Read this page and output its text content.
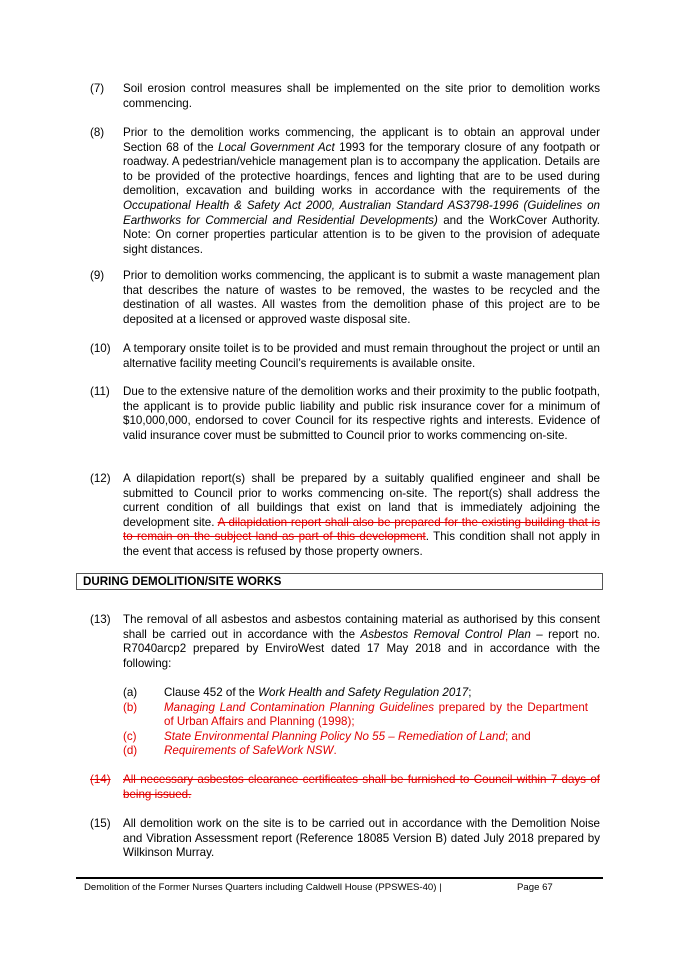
(7) Soil erosion control measures shall be implemented on the site prior to demolition works commencing.
(8) Prior to the demolition works commencing, the applicant is to obtain an approval under Section 68 of the Local Government Act 1993 for the temporary closure of any footpath or roadway. A pedestrian/vehicle management plan is to accompany the application. Details are to be provided of the protective hoardings, fences and lighting that are to be used during demolition, excavation and building works in accordance with the requirements of the Occupational Health & Safety Act 2000, Australian Standard AS3798-1996 (Guidelines on Earthworks for Commercial and Residential Developments) and the WorkCover Authority. Note: On corner properties particular attention is to be given to the provision of adequate sight distances.
(9) Prior to demolition works commencing, the applicant is to submit a waste management plan that describes the nature of wastes to be removed, the wastes to be recycled and the destination of all wastes. All wastes from the demolition phase of this project are to be deposited at a licensed or approved waste disposal site.
(10) A temporary onsite toilet is to be provided and must remain throughout the project or until an alternative facility meeting Council’s requirements is available onsite.
(11) Due to the extensive nature of the demolition works and their proximity to the public footpath, the applicant is to provide public liability and public risk insurance cover for a minimum of $10,000,000, endorsed to cover Council for its respective rights and interests. Evidence of valid insurance cover must be submitted to Council prior to works commencing on-site.
(12) A dilapidation report(s) shall be prepared by a suitably qualified engineer and shall be submitted to Council prior to works commencing on-site. The report(s) shall address the current condition of all buildings that exist on land that is immediately adjoining the development site. A dilapidation report shall also be prepared for the existing building that is to remain on the subject land as part of this development. This condition shall not apply in the event that access is refused by those property owners.
DURING DEMOLITION/SITE WORKS
(13) The removal of all asbestos and asbestos containing material as authorised by this consent shall be carried out in accordance with the Asbestos Removal Control Plan – report no. R7040arcp2 prepared by EnviroWest dated 17 May 2018 and in accordance with the following:
(a) Clause 452 of the Work Health and Safety Regulation 2017;
(b) Managing Land Contamination Planning Guidelines prepared by the Department of Urban Affairs and Planning (1998);
(c) State Environmental Planning Policy No 55 – Remediation of Land; and
(d) Requirements of SafeWork NSW.
(14) All necessary asbestos clearance certificates shall be furnished to Council within 7 days of being issued.
(15) All demolition work on the site is to be carried out in accordance with the Demolition Noise and Vibration Assessment report (Reference 18085 Version B) dated July 2018 prepared by Wilkinson Murray.
Demolition of the Former Nurses Quarters including Caldwell House (PPSWES-40) |	Page 67
